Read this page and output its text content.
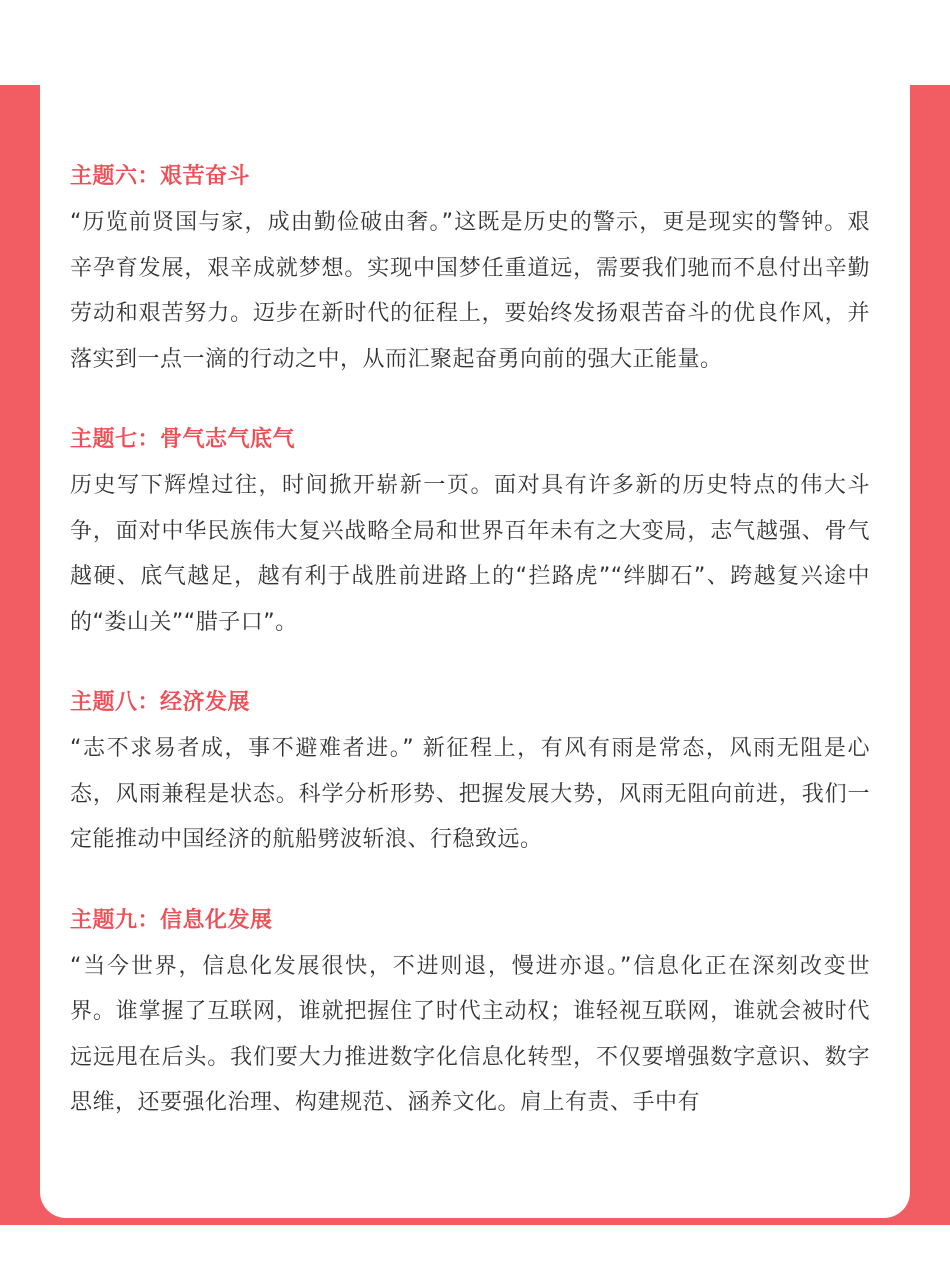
主题六：艰苦奋斗

“历览前贤国与家，成由勤俭破由奢。”这既是历史的警示，更是现实的警钟。艰辛孕育发展，艰辛成就梦想。实现中国梦任重道远，需要我们驰而不息付出辛勤劳动和艰苦努力。迈步在新时代的征程上，要始终发扬艰苦奋斗的优良作风，并落实到一点一滴的行动之中，从而汇聚起奋勇向前的强大正能量。

主题七：骨气志气底气

历史写下辉煌过往，时间掀开崭新一页。面对具有许多新的历史特点的伟大斗争，面对中华民族伟大复兴战略全局和世界百年未有之大变局，志气越强、骨气越硬、底气越足，越有利于战胜前进路上的“拦路虎”“绊脚石”、跨越复兴途中的“娄山关”“腊子口”。

主题八：经济发展

“志不求易者成，事不避难者进。” 新征程上，有风有雨是常态，风雨无阻是心态，风雨兼程是状态。科学分析形势、把握发展大势，风雨无阻向前进，我们一定能推动中国经济的航船劈波斩浪、行稳致远。

主题九：信息化发展

“当今世界，信息化发展很快，不进则退，慢进亦退。”信息化正在深刻改变世界。谁掌握了互联网，谁就把握住了时代主动权；谁轻视互联网，谁就会被时代远远甩在后头。我们要大力推进数字化信息化转型，不仅要增强数字意识、数字思维，还要强化治理、构建规范、涵养文化。肩上有责、手中有
